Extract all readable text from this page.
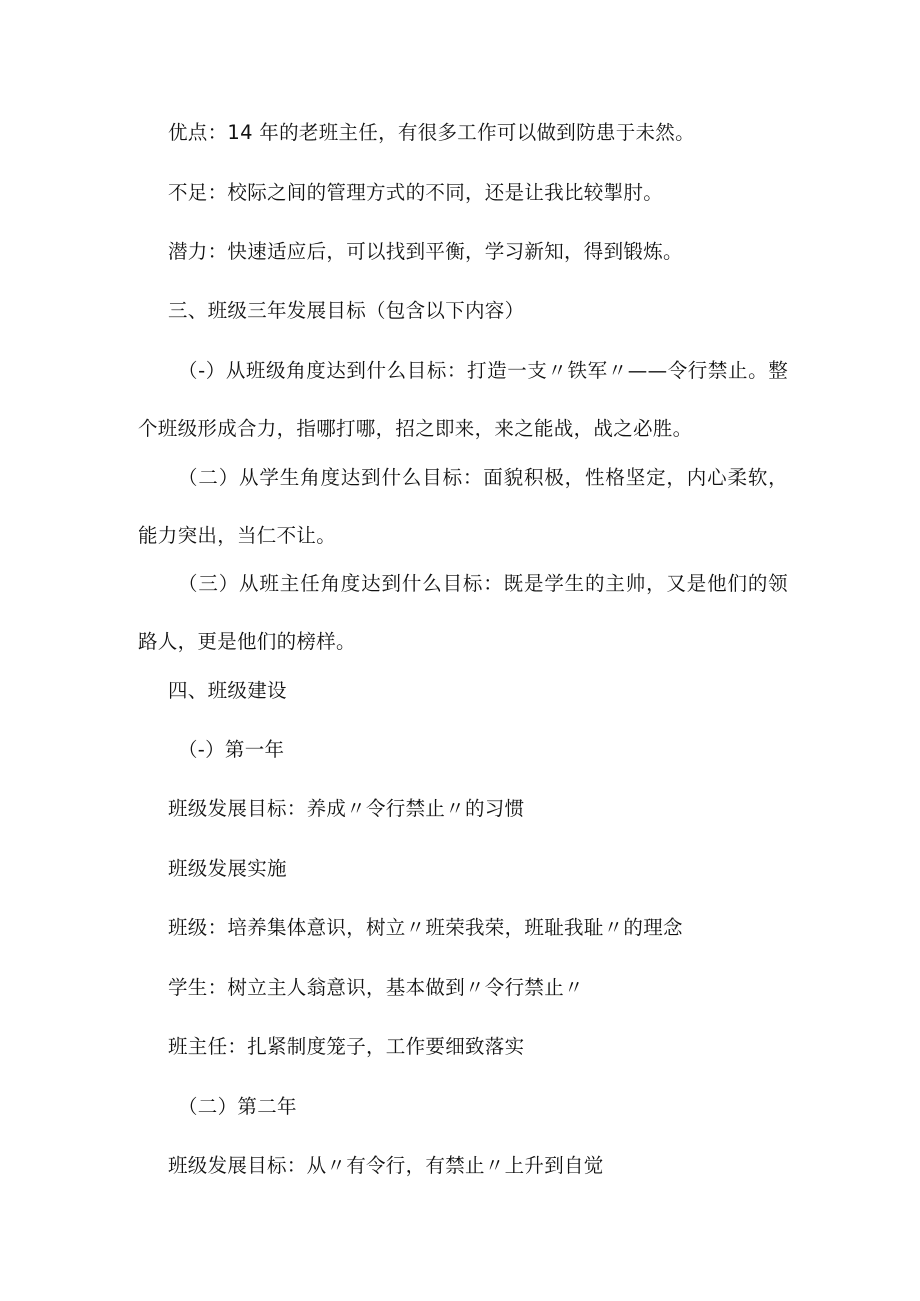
优点：14 年的老班主任，有很多工作可以做到防患于未然。
不足：校际之间的管理方式的不同，还是让我比较掣肘。
潜力：快速适应后，可以找到平衡，学习新知，得到锻炼。
三、班级三年发展目标（包含以下内容）

（-）从班级角度达到什么目标：打造一支〃铁军〃——令行禁止。整个班级形成合力，指哪打哪，招之即来，来之能战，战之必胜。

（二）从学生角度达到什么目标：面貌积极，性格坚定，内心柔软，能力突出，当仁不让。

（三）从班主任角度达到什么目标：既是学生的主帅，又是他们的领路人，更是他们的榜样。

四、班级建设
（-）第一年
班级发展目标：养成〃令行禁止〃的习惯
班级发展实施
班级：培养集体意识，树立〃班荣我荣，班耻我耻〃的理念
学生：树立主人翁意识，基本做到〃令行禁止〃
班主任：扎紧制度笼子，工作要细致落实
（二）第二年
班级发展目标：从〃有令行，有禁止〃上升到自觉
